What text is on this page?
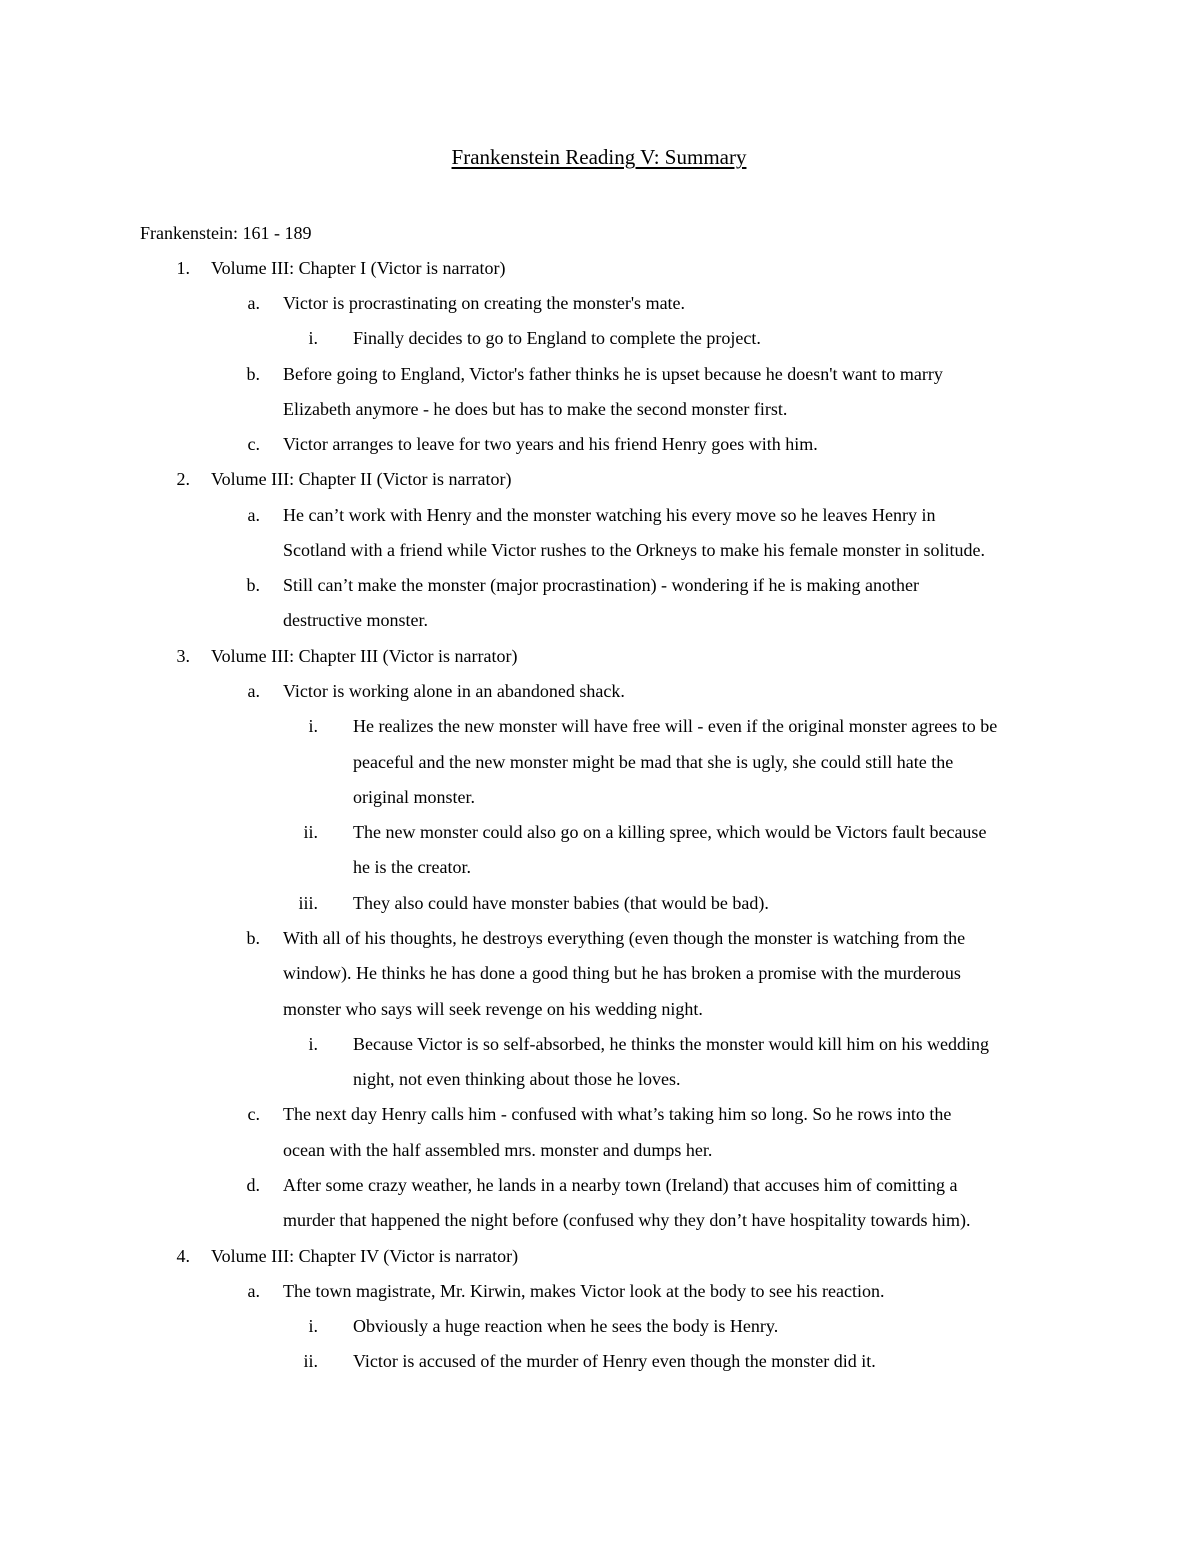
Frankenstein Reading V: Summary
Frankenstein: 161 - 189
1. Volume III: Chapter I (Victor is narrator)
a. Victor is procrastinating on creating the monster's mate.
i. Finally decides to go to England to complete the project.
b. Before going to England, Victor's father thinks he is upset because he doesn't want to marry
Elizabeth anymore - he does but has to make the second monster first.
c. Victor arranges to leave for two years and his friend Henry goes with him.
2. Volume III: Chapter II (Victor is narrator)
a. He can’t work with Henry and the monster watching his every move so he leaves Henry in
Scotland with a friend while Victor rushes to the Orkneys to make his female monster in solitude.
b. Still can’t make the monster (major procrastination) - wondering if he is making another
destructive monster.
3. Volume III: Chapter III (Victor is narrator)
a. Victor is working alone in an abandoned shack.
i. He realizes the new monster will have free will - even if the original monster agrees to be
peaceful and the new monster might be mad that she is ugly, she could still hate the
original monster.
ii. The new monster could also go on a killing spree, which would be Victors fault because
he is the creator.
iii. They also could have monster babies (that would be bad).
b. With all of his thoughts, he destroys everything (even though the monster is watching from the
window). He thinks he has done a good thing but he has broken a promise with the murderous
monster who says will seek revenge on his wedding night.
i. Because Victor is so self-absorbed, he thinks the monster would kill him on his wedding
night, not even thinking about those he loves.
c. The next day Henry calls him - confused with what’s taking him so long. So he rows into the
ocean with the half assembled mrs. monster and dumps her.
d. After some crazy weather, he lands in a nearby town (Ireland) that accuses him of comitting a
murder that happened the night before (confused why they don’t have hospitality towards him).
4. Volume III: Chapter IV (Victor is narrator)
a. The town magistrate, Mr. Kirwin, makes Victor look at the body to see his reaction.
i. Obviously a huge reaction when he sees the body is Henry.
ii. Victor is accused of the murder of Henry even though the monster did it.
